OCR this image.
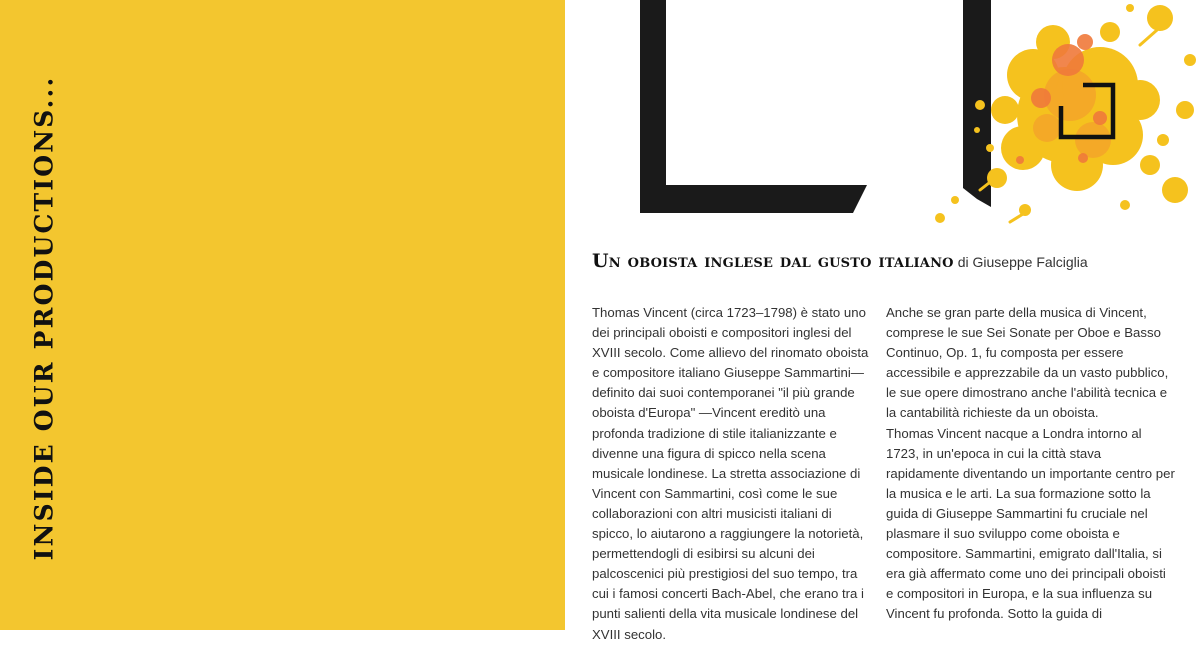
INSIDE OUR PRODUCTIONS...	Un oboista inglese dal gusto italiano di Giuseppe Falciglia

Thomas Vincent (circa 1723–1798) è stato uno dei principali oboisti e compositori inglesi del XVIII secolo. Come allievo del rinomato oboista e compositore italiano Giuseppe Sammartini—definito dai suoi contemporanei "il più grande oboista d'Europa" —Vincent ereditò una profonda tradizione di stile italianizzante e divenne una figura di spicco nella scena musicale londinese. La stretta associazione di Vincent con Sammartini, così come le sue collaborazioni con altri musicisti italiani di spicco, lo aiutarono a raggiungere la notorietà, permettendogli di esibirsi su alcuni dei palcoscenici più prestigiosi del suo tempo, tra cui i famosi concerti Bach-Abel, che erano tra i punti salienti della vita musicale londinese del XVIII secolo.

Anche se gran parte della musica di Vincent, comprese le sue Sei Sonate per Oboe e Basso Continuo, Op. 1, fu composta per essere accessibile e apprezzabile da un vasto pubblico, le sue opere dimostrano anche l'abilità tecnica e la cantabilità richieste da un oboista.

Thomas Vincent nacque a Londra intorno al 1723, in un'epoca in cui la città stava rapidamente diventando un importante centro per la musica e le arti. La sua formazione sotto la guida di Giuseppe Sammartini fu cruciale nel plasmare il suo sviluppo come oboista e compositore. Sammartini, emigrato dall'Italia, si era già affermato come uno dei principali oboisti e compositori in Europa, e la sua influenza su Vincent fu profonda. Sotto la guida di
